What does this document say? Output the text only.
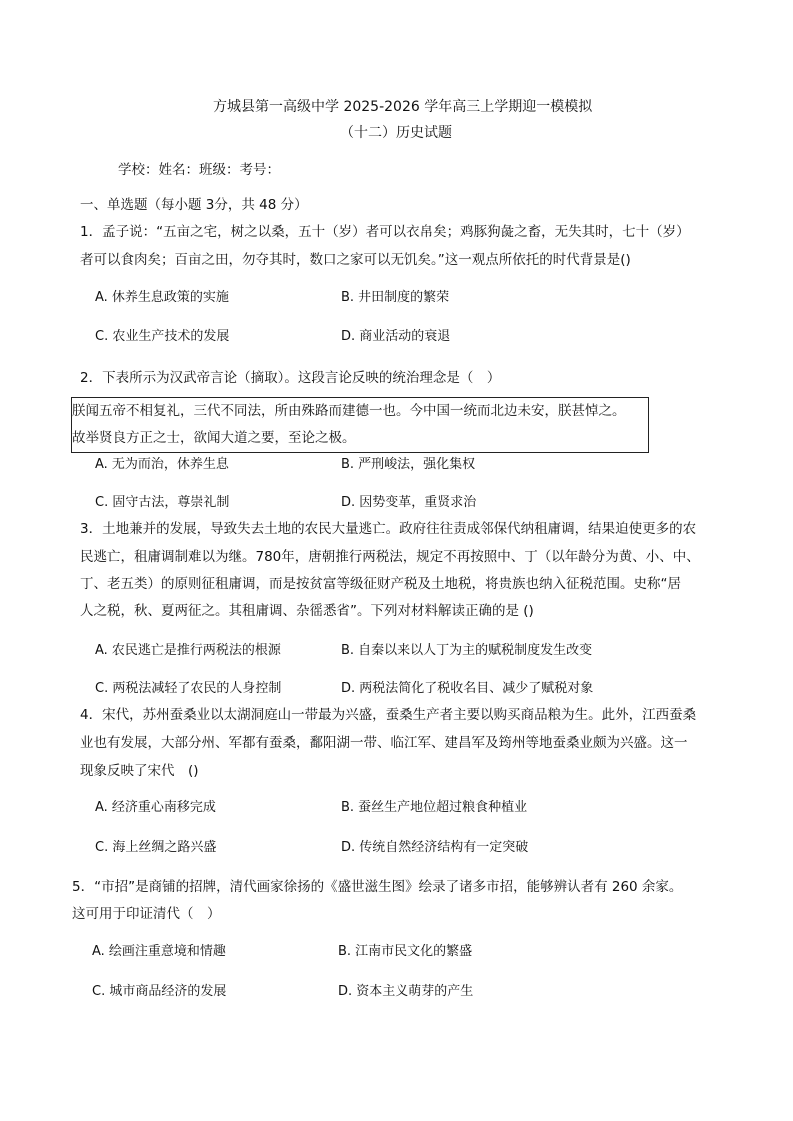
方城县第一高级中学 2025-2026 学年高三上学期迎一模模拟
（十二）历史试题
学校：姓名：班级：考号：
一、单选题（每小题 3分，共 48 分）
1．孟子说：“五亩之宅，树之以桑，五十（岁）者可以衣帛矣；鸡豚狗彘之畜，无失其时，七十（岁）
者可以食肉矣；百亩之田，勿夺其时，数口之家可以无饥矣。”这一观点所依托的时代背景是()
A. 休养生息政策的实施	B. 井田制度的繁荣
C. 农业生产技术的发展	D. 商业活动的衰退
2．下表所示为汉武帝言论（摘取）。这段言论反映的统治理念是（　）
朕闻五帝不相复礼，三代不同法，所由殊路而建德一也。今中国一统而北边未安，朕甚悼之。
故举贤良方正之士，欲闻大道之要，至论之极。
A. 无为而治，休养生息	B. 严刑峻法，强化集权
C. 固守古法，尊崇礼制	D. 因势变革，重贤求治
3．土地兼并的发展，导致失去土地的农民大量逃亡。政府往往责成邻保代纳租庸调，结果迫使更多的农
民逃亡，租庸调制难以为继。780年，唐朝推行两税法，规定不再按照中、丁（以年龄分为黄、小、中、
丁、老五类）的原则征租庸调，而是按贫富等级征财产税及土地税，将贵族也纳入征税范围。史称“居
人之税，秋、夏两征之。其租庸调、杂徭悉省”。下列对材料解读正确的是 ()
A. 农民逃亡是推行两税法的根源	B. 自秦以来以人丁为主的赋税制度发生改变
C. 两税法减轻了农民的人身控制	D. 两税法简化了税收名目、减少了赋税对象
4．宋代，苏州蚕桑业以太湖洞庭山一带最为兴盛，蚕桑生产者主要以购买商品粮为生。此外，江西蚕桑
业也有发展，大部分州、军都有蚕桑，鄱阳湖一带、临江军、建昌军及筠州等地蚕桑业颇为兴盛。这一
现象反映了宋代　()
A. 经济重心南移完成	B. 蚕丝生产地位超过粮食种植业
C. 海上丝绸之路兴盛	D. 传统自然经济结构有一定突破
5．“市招”是商铺的招牌，清代画家徐扬的《盛世滋生图》绘录了诸多市招，能够辨认者有 260 余家。
这可用于印证清代（　）
A. 绘画注重意境和情趣	B. 江南市民文化的繁盛
C. 城市商品经济的发展	D. 资本主义萌芽的产生
